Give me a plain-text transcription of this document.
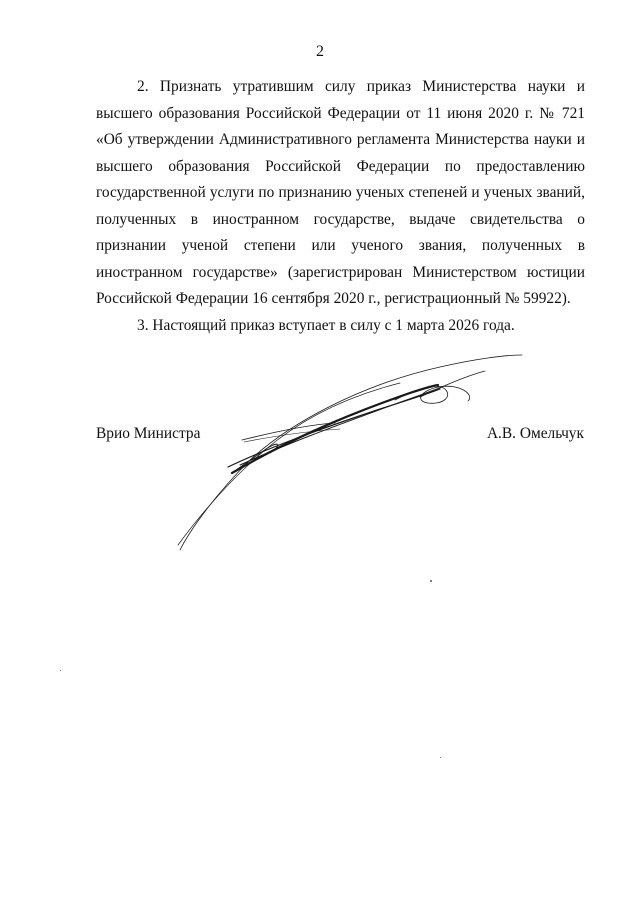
2

2. Признать утратившим силу приказ Министерства науки и высшего образования Российской Федерации от 11 июня 2020 г. № 721 «Об утверждении Административного регламента Министерства науки и высшего образования Российской Федерации по предоставлению государственной услуги по признанию ученых степеней и ученых званий, полученных в иностранном государстве, выдаче свидетельства о признании ученой степени или ученого звания, полученных в иностранном государстве» (зарегистрирован Министерством юстиции Российской Федерации 16 сентября 2020 г., регистрационный № 59922).

3. Настоящий приказ вступает в силу с 1 марта 2026 года.

Врио Министра	А.В. Омельчук
